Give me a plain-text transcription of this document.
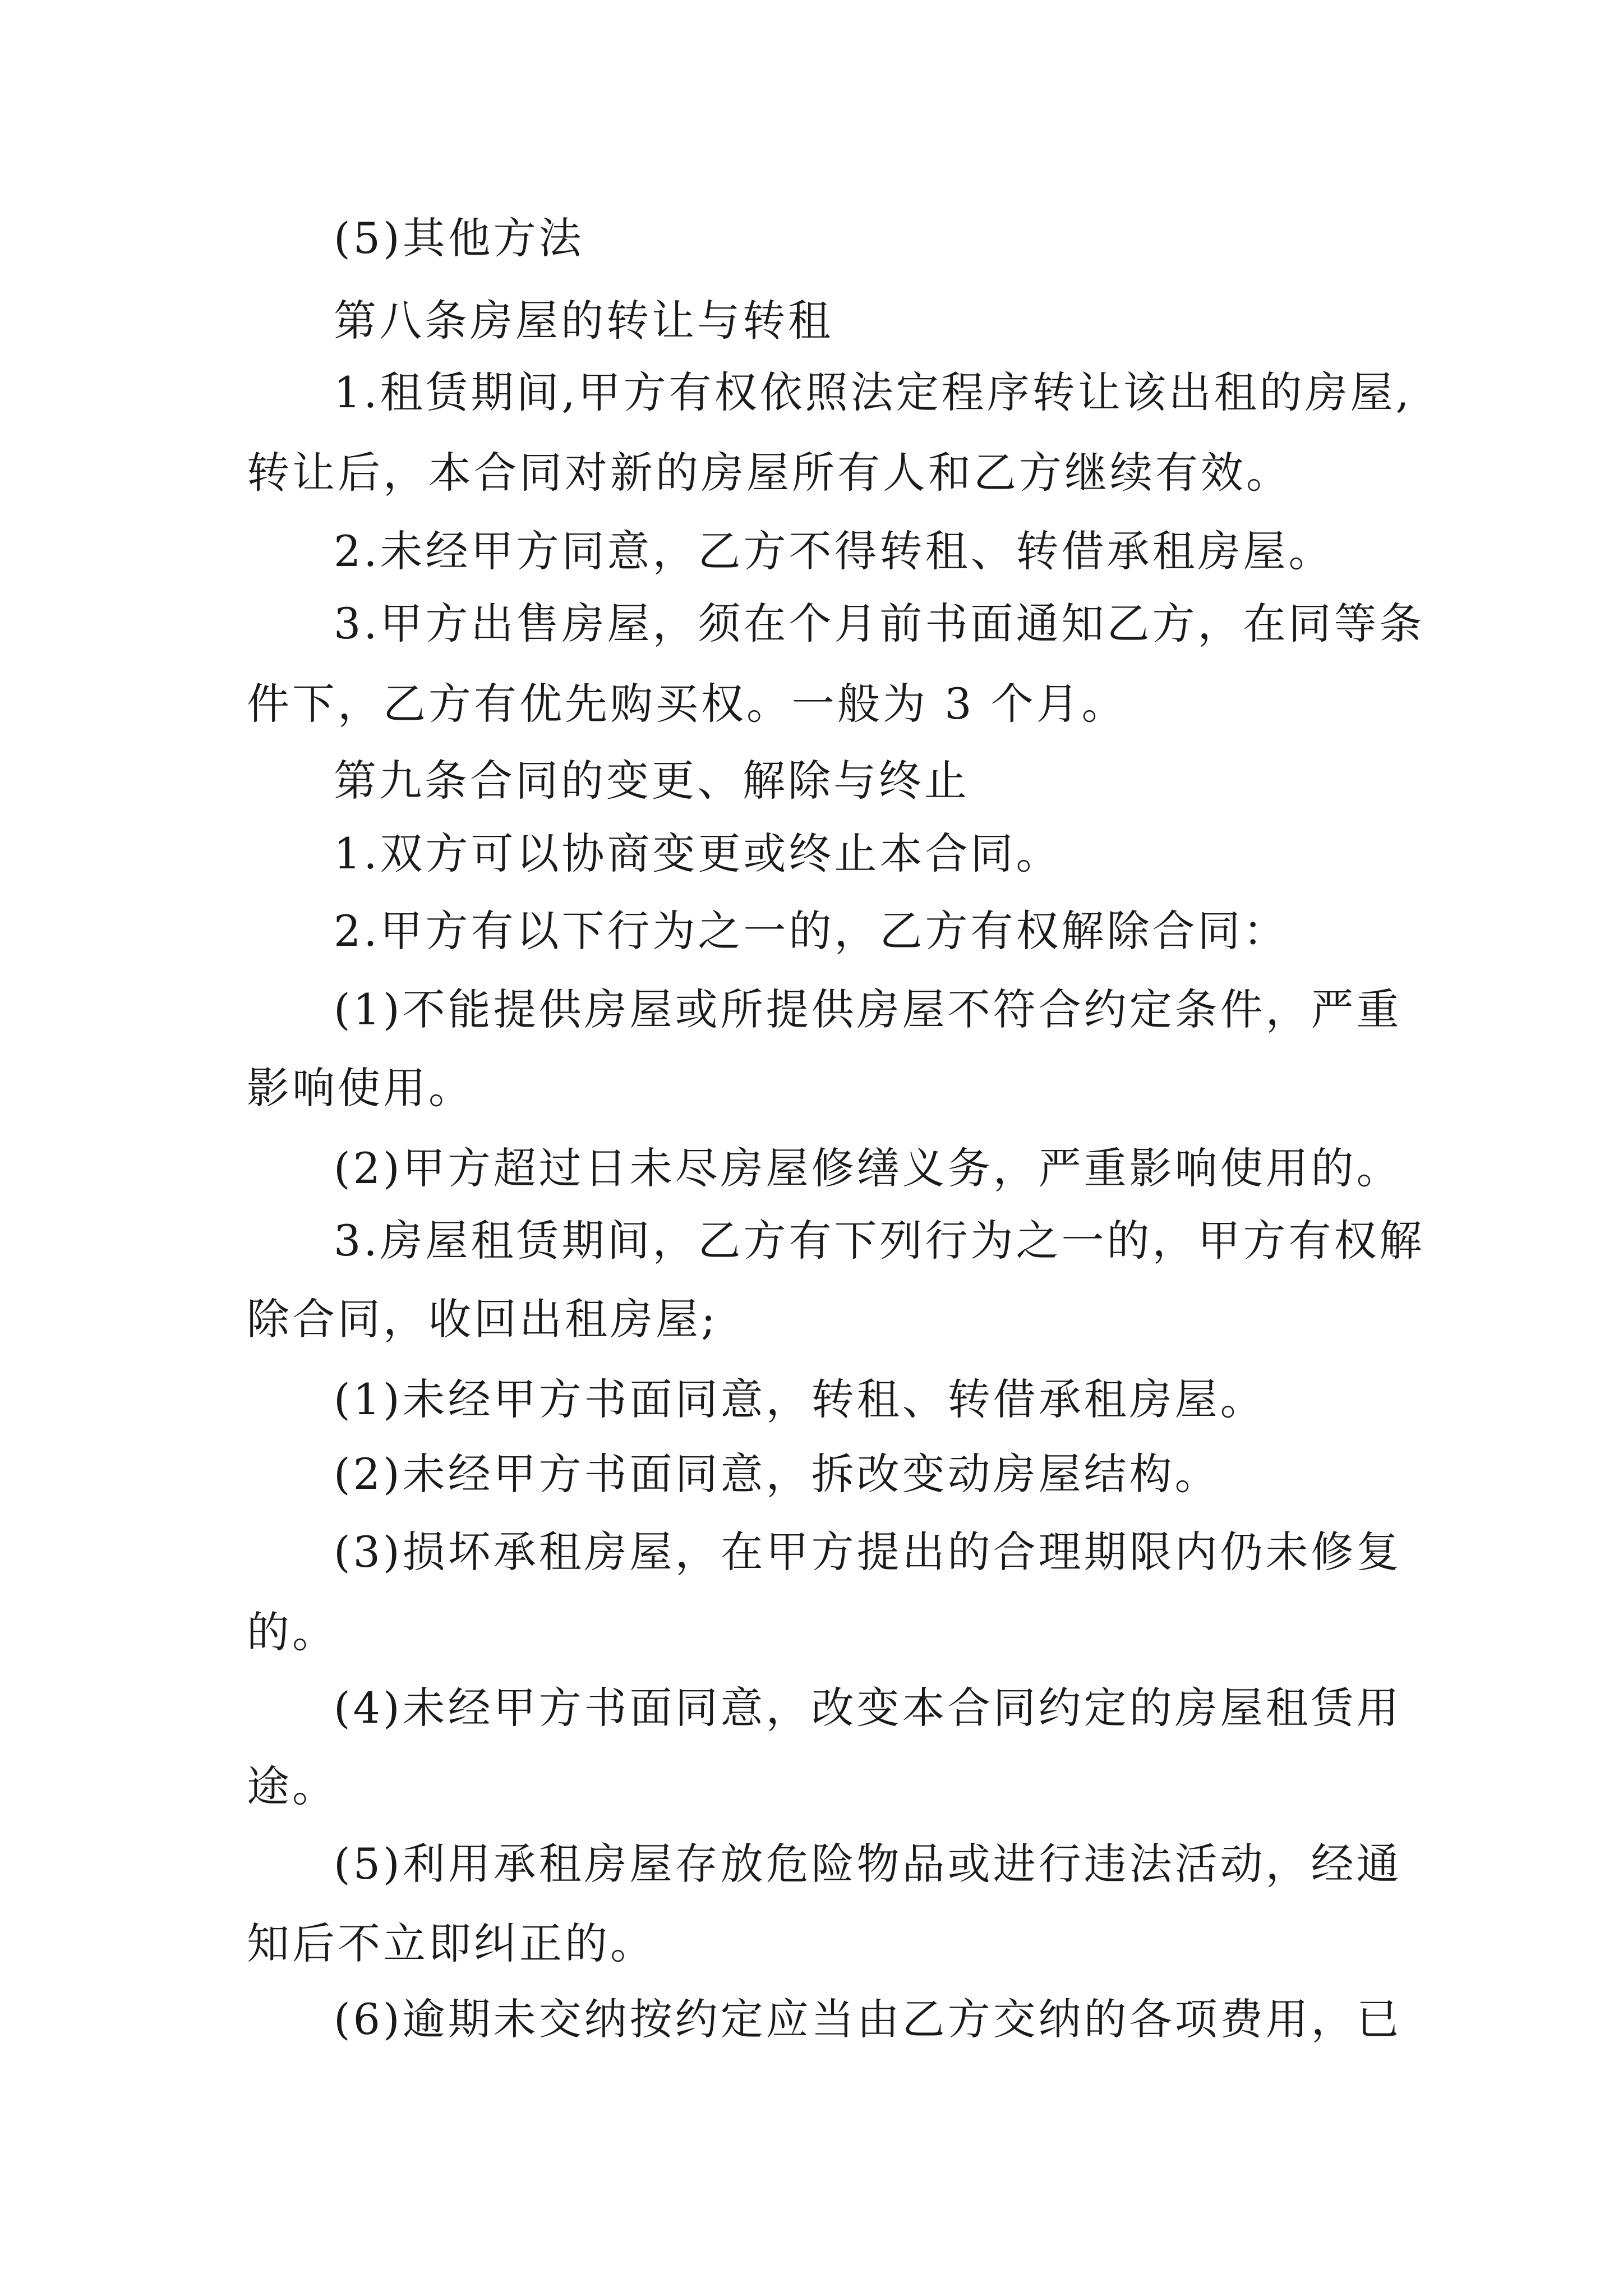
(5)其他方法
第八条房屋的转让与转租
1.租赁期间,甲方有权依照法定程序转让该出租的房屋,
转让后，本合同对新的房屋所有人和乙方继续有效。
2.未经甲方同意，乙方不得转租、转借承租房屋。
3.甲方出售房屋，须在个月前书面通知乙方，在同等条
件下，乙方有优先购买权。一般为 3 个月。
第九条合同的变更、解除与终止
1.双方可以协商变更或终止本合同。
2.甲方有以下行为之一的，乙方有权解除合同：
(1)不能提供房屋或所提供房屋不符合约定条件，严重
影响使用。
(2)甲方超过日未尽房屋修缮义务，严重影响使用的。
3.房屋租赁期间，乙方有下列行为之一的，甲方有权解
除合同，收回出租房屋;
(1)未经甲方书面同意，转租、转借承租房屋。
(2)未经甲方书面同意，拆改变动房屋结构。
(3)损坏承租房屋，在甲方提出的合理期限内仍未修复
的。
(4)未经甲方书面同意，改变本合同约定的房屋租赁用
途。
(5)利用承租房屋存放危险物品或进行违法活动，经通
知后不立即纠正的。
(6)逾期未交纳按约定应当由乙方交纳的各项费用，已
